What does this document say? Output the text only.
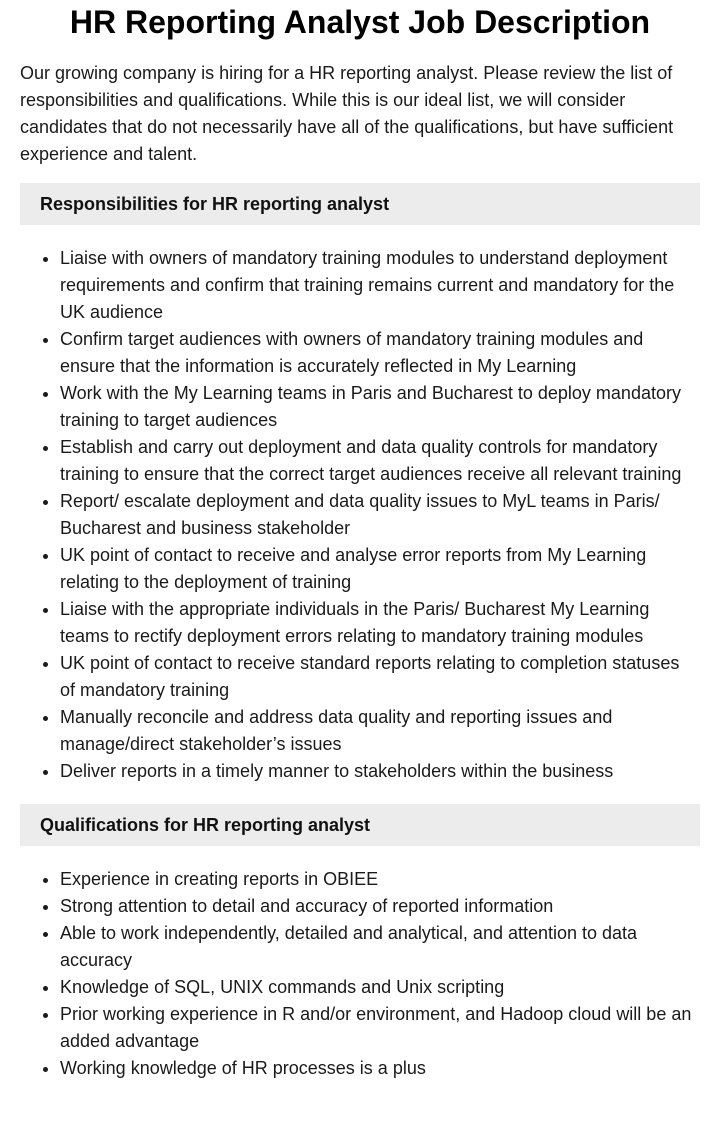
HR Reporting Analyst Job Description

Our growing company is hiring for a HR reporting analyst. Please review the list of responsibilities and qualifications. While this is our ideal list, we will consider candidates that do not necessarily have all of the qualifications, but have sufficient experience and talent.

Responsibilities for HR reporting analyst
• Liaise with owners of mandatory training modules to understand deployment requirements and confirm that training remains current and mandatory for the UK audience
• Confirm target audiences with owners of mandatory training modules and ensure that the information is accurately reflected in My Learning
• Work with the My Learning teams in Paris and Bucharest to deploy mandatory training to target audiences
• Establish and carry out deployment and data quality controls for mandatory training to ensure that the correct target audiences receive all relevant training
• Report/ escalate deployment and data quality issues to MyL teams in Paris/ Bucharest and business stakeholder
• UK point of contact to receive and analyse error reports from My Learning relating to the deployment of training
• Liaise with the appropriate individuals in the Paris/ Bucharest My Learning teams to rectify deployment errors relating to mandatory training modules
• UK point of contact to receive standard reports relating to completion statuses of mandatory training
• Manually reconcile and address data quality and reporting issues and manage/direct stakeholder’s issues
• Deliver reports in a timely manner to stakeholders within the business
Qualifications for HR reporting analyst
• Experience in creating reports in OBIEE
• Strong attention to detail and accuracy of reported information
• Able to work independently, detailed and analytical, and attention to data accuracy
• Knowledge of SQL, UNIX commands and Unix scripting
• Prior working experience in R and/or environment, and Hadoop cloud will be an added advantage
• Working knowledge of HR processes is a plus
